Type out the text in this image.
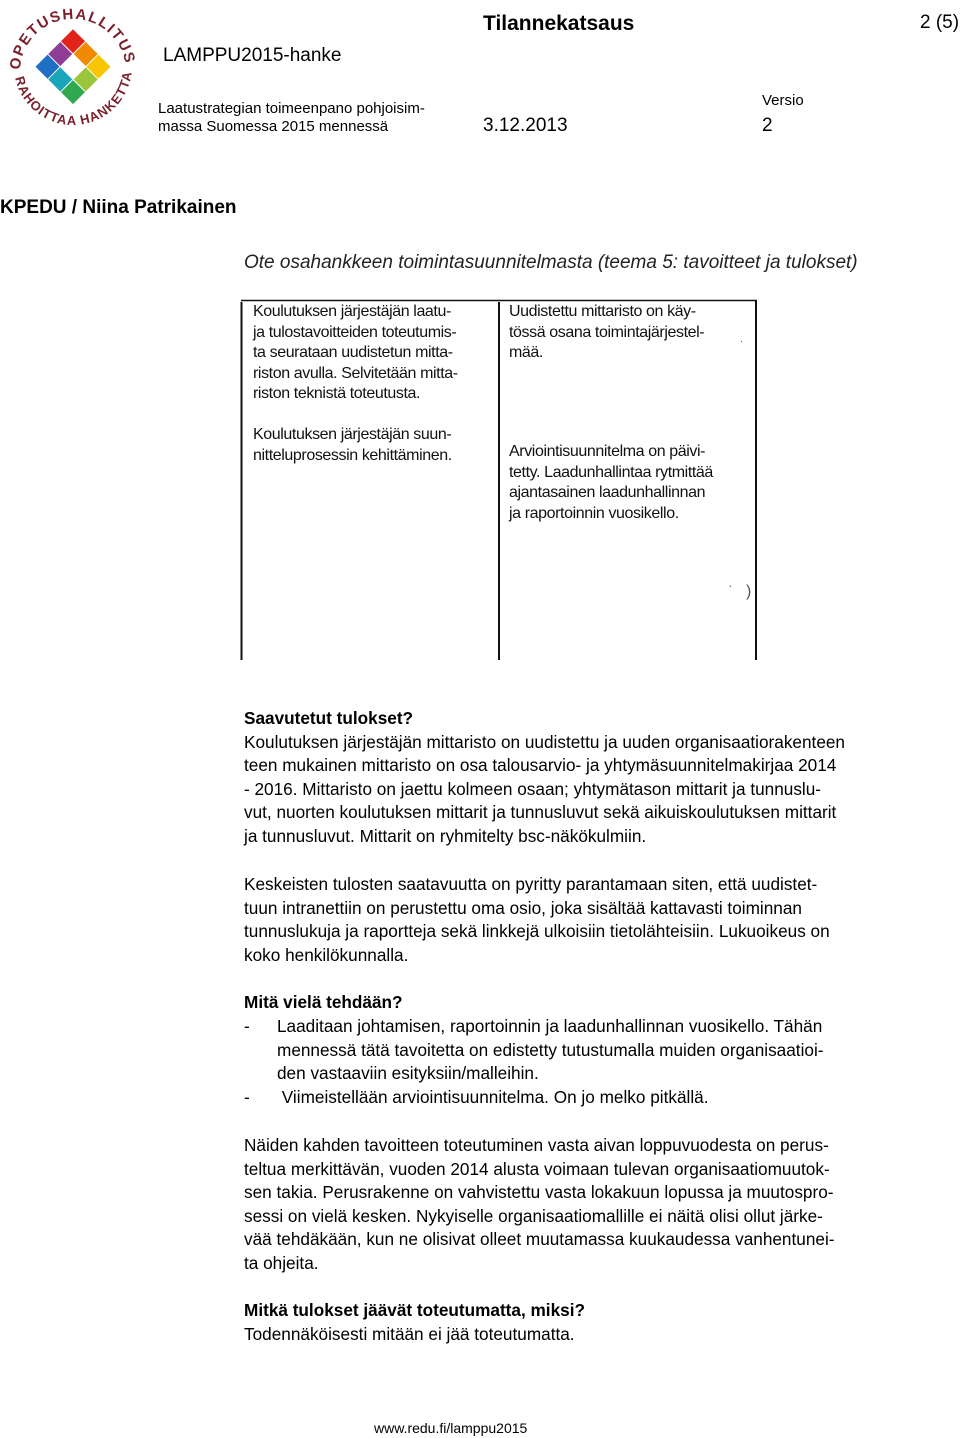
OPETUSHALLITUS
RAHOITTAA HANKETTA
LAMPPU2015-hanke
Tilannekatsaus	2 (5)
Laatustrategian toimeenpano pohjoisim-
massa Suomessa 2015 mennessä	3.12.2013
Versio
2
KPEDU / Niina Patrikainen
Ote osahankkeen toimintasuunnitelmasta (teema 5: tavoitteet ja tulokset)
.
· )
Koulutuksen järjestäjän laatu-
ja tulostavoitteiden toteutumis-
ta seurataan uudistetun mitta-
riston avulla. Selvitetään mitta-
riston teknistä toteutusta.
Koulutuksen järjestäjän suun-
nitteluprosessin kehittäminen.
Uudistettu mittaristo on käy-
tössä osana toimintajärjestel-
mää.
Arviointisuunnitelma on päivi-
tetty. Laadunhallintaa rytmittää
ajantasainen laadunhallinnan
ja raportoinnin vuosikello.
Saavutetut tulokset?
Koulutuksen järjestäjän mittaristo on uudistettu ja uuden organisaatiorakenteen
teen mukainen mittaristo on osa talousarvio- ja yhtymäsuunnitelmakirjaa 2014
- 2016. Mittaristo on jaettu kolmeen osaan; yhtymätason mittarit ja tunnuslu-
vut, nuorten koulutuksen mittarit ja tunnusluvut sekä aikuiskoulutuksen mittarit
ja tunnusluvut. Mittarit on ryhmitelty bsc-näkökulmiin.
Keskeisten tulosten saatavuutta on pyritty parantamaan siten, että uudistet-
tuun intranettiin on perustettu oma osio, joka sisältää kattavasti toiminnan
tunnuslukuja ja raportteja sekä linkkejä ulkoisiin tietolähteisiin. Lukuoikeus on
koko henkilökunnalla.
Mitä vielä tehdään?
- Laaditaan johtamisen, raportoinnin ja laadunhallinnan vuosikello. Tähän
mennessä tätä tavoitetta on edistetty tutustumalla muiden organisaatioi-
den vastaaviin esityksiin/malleihin.
- Viimeistellään arviointisuunnitelma. On jo melko pitkällä.
Näiden kahden tavoitteen toteutuminen vasta aivan loppuvuodesta on perus-
teltua merkittävän, vuoden 2014 alusta voimaan tulevan organisaatiomuutok-
sen takia. Perusrakenne on vahvistettu vasta lokakuun lopussa ja muutospro-
sessi on vielä kesken. Nykyiselle organisaatiomallille ei näitä olisi ollut järke-
vää tehdäkään, kun ne olisivat olleet muutamassa kuukaudessa vanhentunei-
ta ohjeita.
Mitkä tulokset jäävät toteutumatta, miksi?
Todennäköisesti mitään ei jää toteutumatta.
www.redu.fi/lamppu2015
